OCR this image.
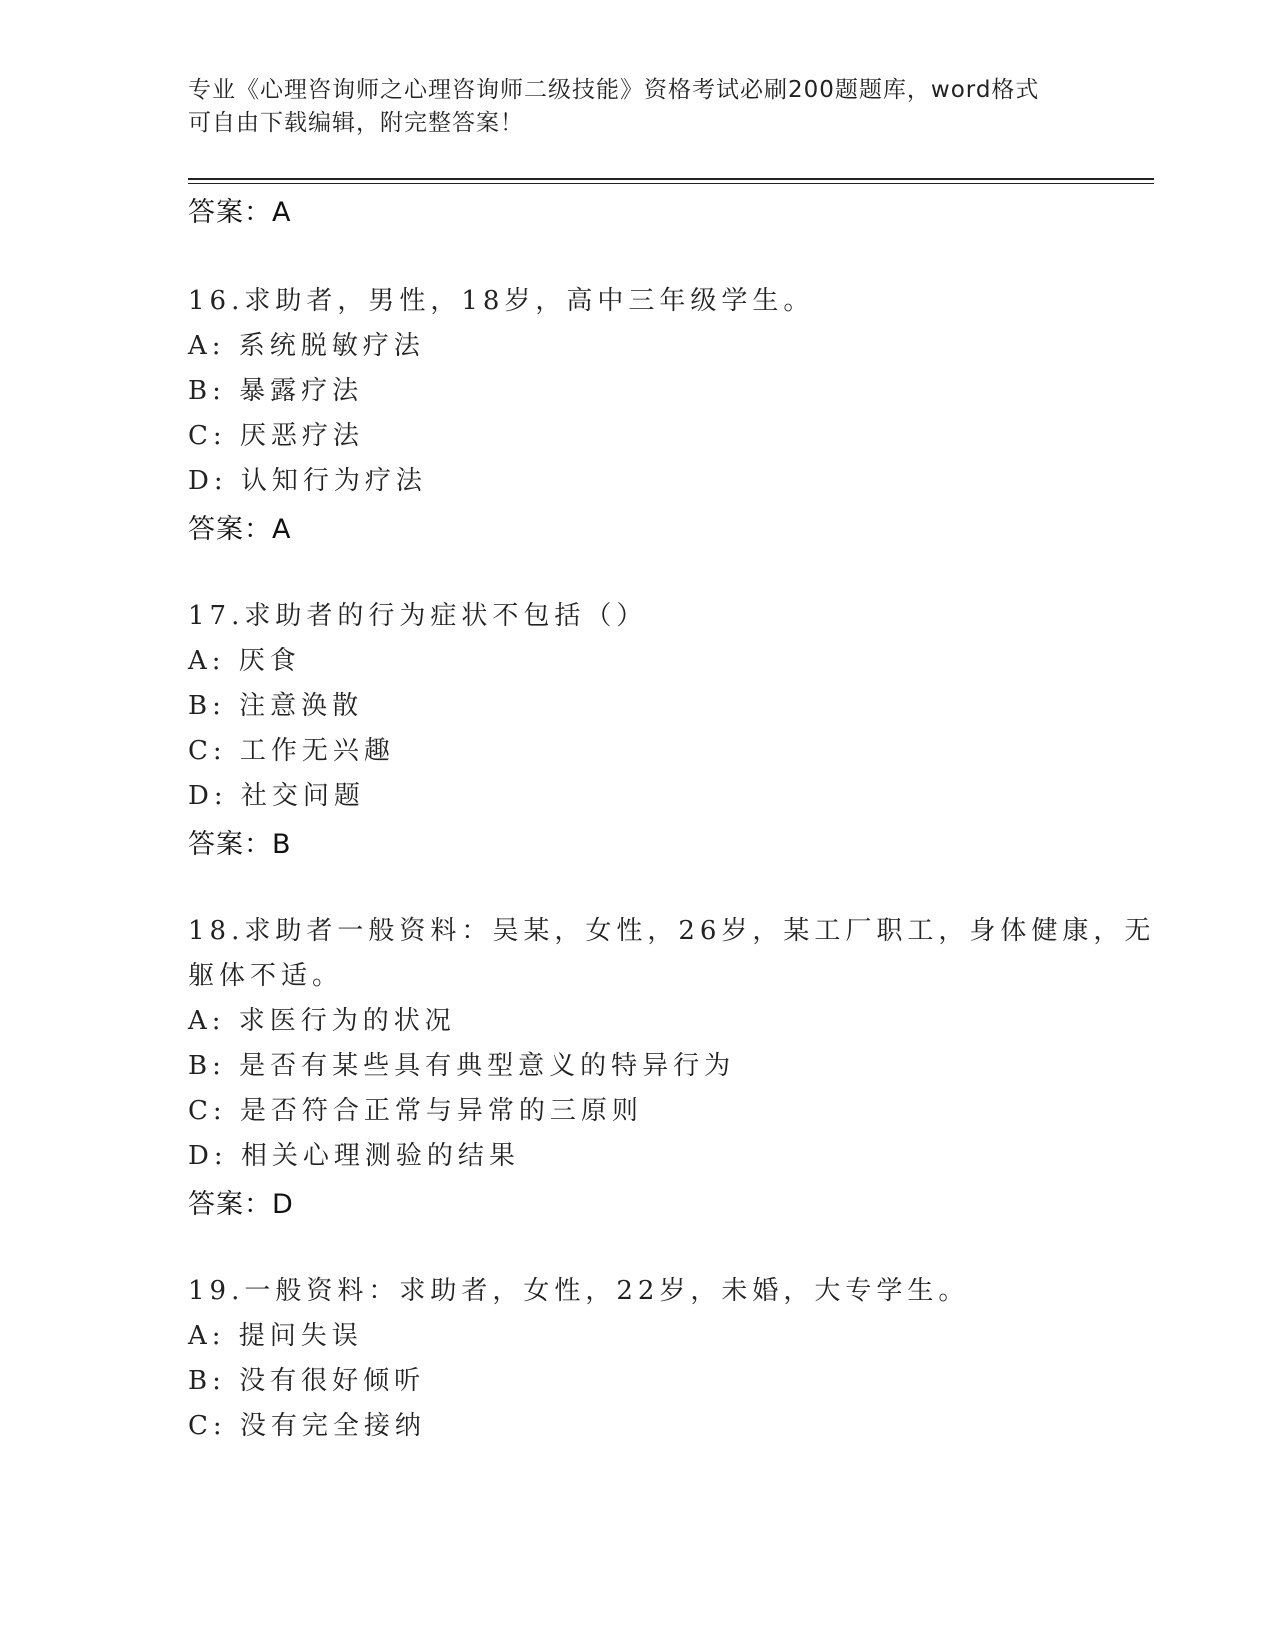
专业《心理咨询师之心理咨询师二级技能》资格考试必刷200题题库，word格式
可自由下载编辑，附完整答案！
答案：A
16.求助者，男性，18岁，高中三年级学生。
A: 系统脱敏疗法
B: 暴露疗法
C: 厌恶疗法
D: 认知行为疗法
答案：A
17.求助者的行为症状不包括（）
A: 厌食
B: 注意涣散
C: 工作无兴趣
D: 社交问题
答案：B
18.求助者一般资料：吴某，女性，26岁，某工厂职工，身体健康，无
躯体不适。
A: 求医行为的状况
B: 是否有某些具有典型意义的特异行为
C: 是否符合正常与异常的三原则
D: 相关心理测验的结果
答案：D
19.一般资料：求助者，女性，22岁，未婚，大专学生。
A: 提问失误
B: 没有很好倾听
C: 没有完全接纳
